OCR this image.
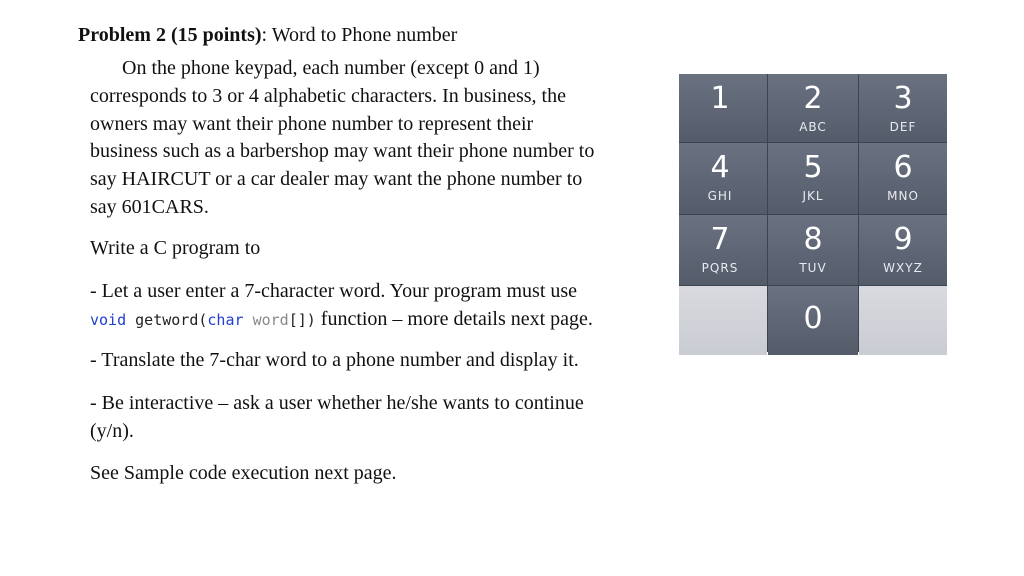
Problem 2 (15 points): Word to Phone number
On the phone keypad, each number (except 0 and 1)
corresponds to 3 or 4 alphabetic characters. In business, the
owners may want their phone number to represent their
business such as a barbershop may want their phone number to
say HAIRCUT or a car dealer may want the phone number to
say 601CARS.
Write a C program to
- Let a user enter a 7-character word. Your program must use
void getword(char word[]) function – more details next page.
- Translate the 7-char word to a phone number and display it.
- Be interactive – ask a user whether he/she wants to continue
(y/n).
See Sample code execution next page.
1	2
ABC
3
DEF
4
GHI
5
JKL
6
MNO
7
PQRS
8
TUV
9
WXYZ
0
